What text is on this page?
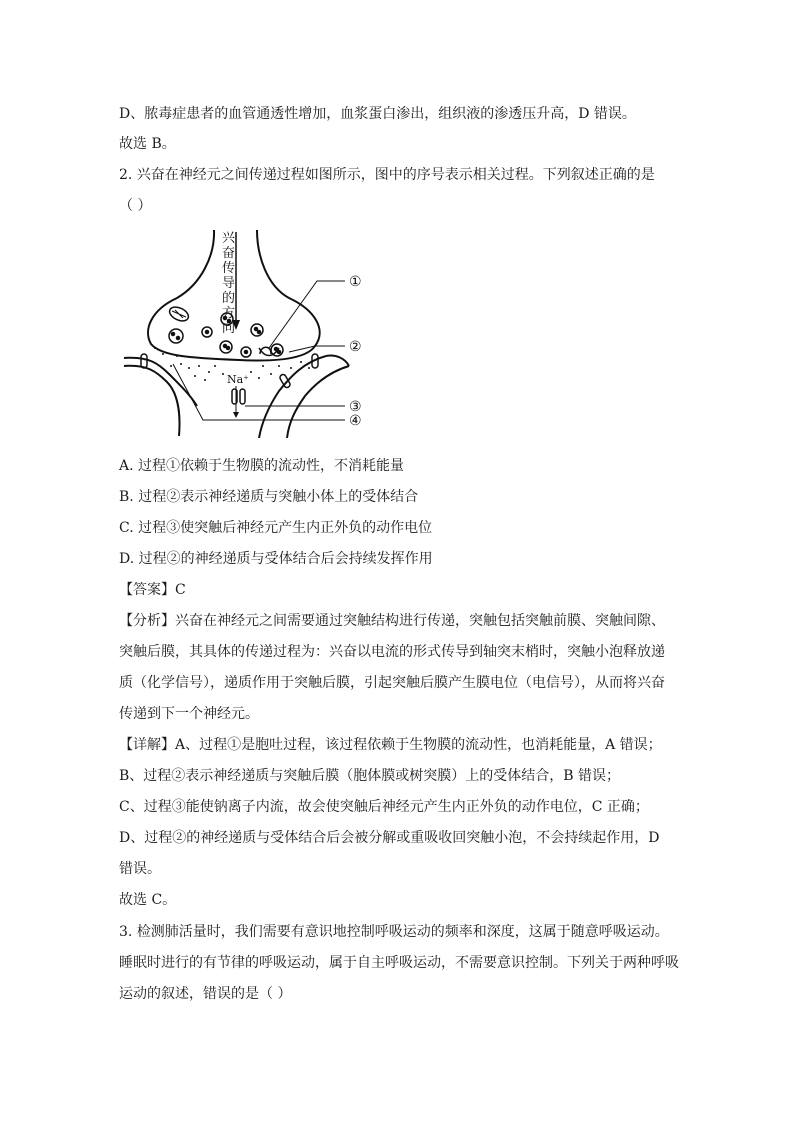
D、脓毒症患者的血管通透性增加，血浆蛋白渗出，组织液的渗透压升高，D 错误。
故选 B。
2. 兴奋在神经元之间传递过程如图所示，图中的序号表示相关过程。下列叙述正确的是
（ ）
兴
奋
传
导
的
方
向
Na⁺
①
②
③
④
A. 过程①依赖于生物膜的流动性，不消耗能量
B. 过程②表示神经递质与突触小体上的受体结合
C. 过程③使突触后神经元产生内正外负的动作电位
D. 过程②的神经递质与受体结合后会持续发挥作用
【答案】C
【分析】兴奋在神经元之间需要通过突触结构进行传递，突触包括突触前膜、突触间隙、
突触后膜，其具体的传递过程为：兴奋以电流的形式传导到轴突末梢时，突触小泡释放递
质（化学信号），递质作用于突触后膜，引起突触后膜产生膜电位（电信号），从而将兴奋
传递到下一个神经元。
【详解】A、过程①是胞吐过程，该过程依赖于生物膜的流动性，也消耗能量，A 错误；
B、过程②表示神经递质与突触后膜（胞体膜或树突膜）上的受体结合，B 错误；
C、过程③能使钠离子内流，故会使突触后神经元产生内正外负的动作电位，C 正确；
D、过程②的神经递质与受体结合后会被分解或重吸收回突触小泡，不会持续起作用，D
错误。
故选 C。
3. 检测肺活量时，我们需要有意识地控制呼吸运动的频率和深度，这属于随意呼吸运动。
睡眠时进行的有节律的呼吸运动，属于自主呼吸运动，不需要意识控制。下列关于两种呼吸
运动的叙述，错误的是（ ）
